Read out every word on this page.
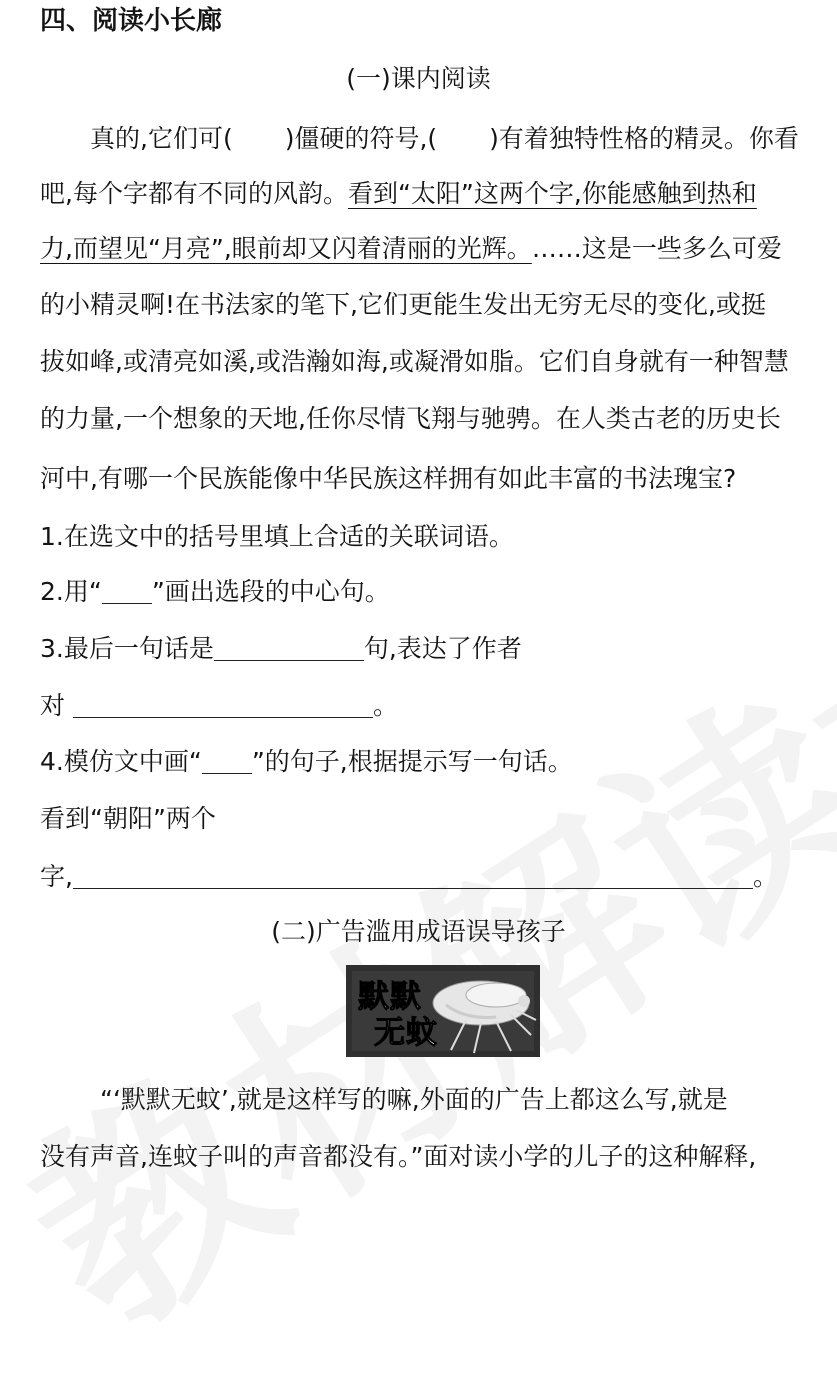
四、阅读小长廊
(一)课内阅读
真的,它们可( )僵硬的符号,( )有着独特性格的精灵。你看
吧,每个字都有不同的风韵。看到“太阳”这两个字,你能感触到热和
力,而望见“月亮”,眼前却又闪着清丽的光辉。……这是一些多么可爱
的小精灵啊!在书法家的笔下,它们更能生发出无穷无尽的变化,或挺
拔如峰,或清亮如溪,或浩瀚如海,或凝滑如脂。它们自身就有一种智慧
的力量,一个想象的天地,任你尽情飞翔与驰骋。在人类古老的历史长
河中,有哪一个民族能像中华民族这样拥有如此丰富的书法瑰宝?
1.在选文中的括号里填上合适的关联词语。
2.用“ ”画出选段的中心句。
3.最后一句话是	句,表达了作者
对	。
4.模仿文中画“ ”的句子,根据提示写一句话。
看到“朝阳”两个
字,	。
(二)广告滥用成语误导孩子
默默
无蚊
“‘默默无蚊’,就是这样写的嘛,外面的广告上都这么写,就是
没有声音,连蚊子叫的声音都没有。”面对读小学的儿子的这种解释,
